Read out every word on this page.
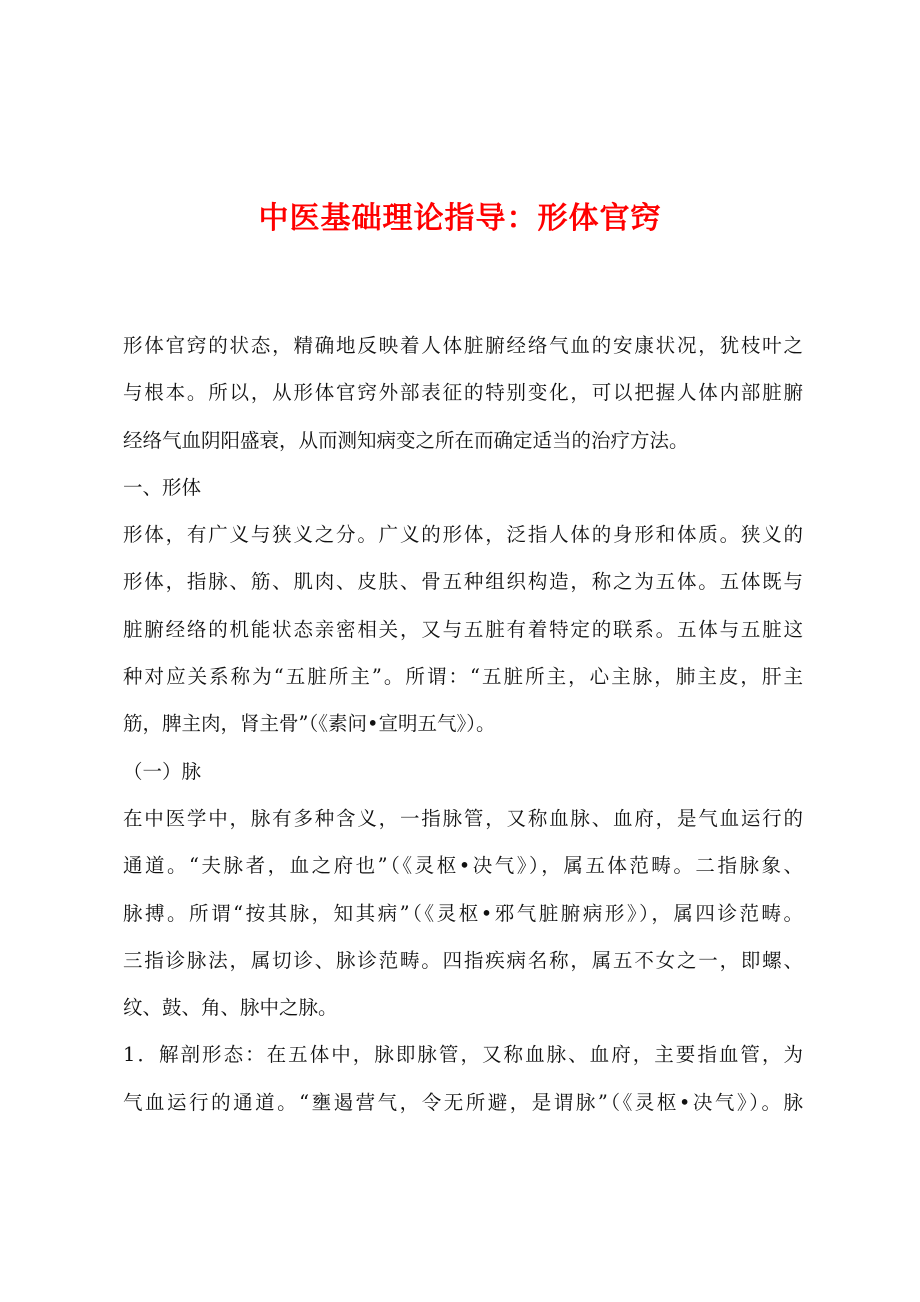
中医基础理论指导：形体官窍
形体官窍的状态，精确地反映着人体脏腑经络气血的安康状况，犹枝叶之
与根本。所以，从形体官窍外部表征的特别变化，可以把握人体内部脏腑
经络气血阴阳盛衰，从而测知病变之所在而确定适当的治疗方法。
一、形体
形体，有广义与狭义之分。广义的形体，泛指人体的身形和体质。狭义的
形体，指脉、筋、肌肉、皮肤、骨五种组织构造，称之为五体。五体既与
脏腑经络的机能状态亲密相关，又与五脏有着特定的联系。五体与五脏这
种对应关系称为“五脏所主”。所谓：“五脏所主，心主脉，肺主皮，肝主
筋，脾主肉，肾主骨”（《素问•宣明五气》）。
（一）脉
在中医学中，脉有多种含义，一指脉管，又称血脉、血府，是气血运行的
通道。“夫脉者，血之府也”（《灵枢•决气》），属五体范畴。二指脉象、
脉搏。所谓“按其脉，知其病”（《灵枢•邪气脏腑病形》），属四诊范畴。
三指诊脉法，属切诊、脉诊范畴。四指疾病名称，属五不女之一，即螺、
纹、鼓、角、脉中之脉。
1．解剖形态：在五体中，脉即脉管，又称血脉、血府，主要指血管，为
气血运行的通道。“壅遏营气，令无所避，是谓脉”（《灵枢•决气》）。脉
